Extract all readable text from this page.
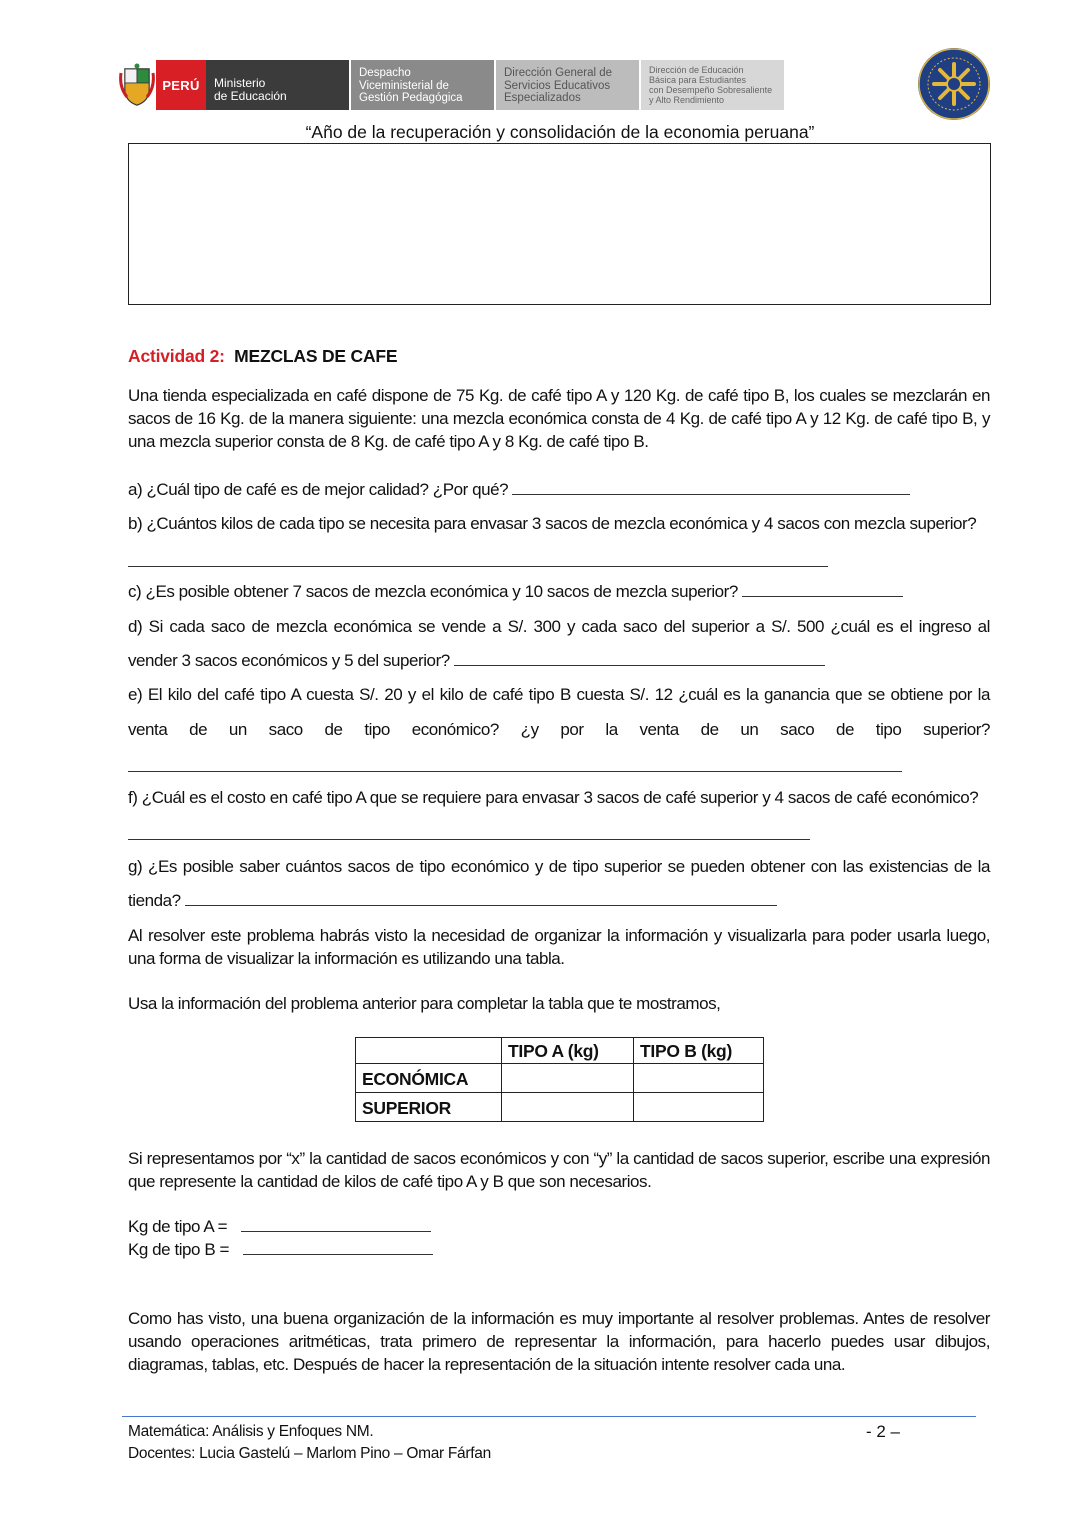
PERÚ	Ministerio
de Educación
Despacho
Viceministerial de
Gestión Pedagógica
Dirección General de
Servicios Educativos
Especializados
Dirección de Educación
Básica para Estudiantes
con Desempeño Sobresaliente
y Alto Rendimiento
“Año de la recuperación y consolidación de la economia peruana”
Actividad 2: MEZCLAS DE CAFE
Una tienda especializada en café dispone de 75 Kg. de café tipo A y 120 Kg. de café tipo B, los cuales se mezclarán en sacos de 16 Kg. de la manera siguiente: una mezcla económica consta de 4 Kg. de café tipo A y 12 Kg. de café tipo B, y una mezcla superior consta de 8 Kg. de café tipo A y 8 Kg. de café tipo B.
a) ¿Cuál tipo de café es de mejor calidad? ¿Por qué?
b) ¿Cuántos kilos de cada tipo se necesita para envasar 3 sacos de mezcla económica y 4 sacos con mezcla superior?
c) ¿Es posible obtener 7 sacos de mezcla económica y 10 sacos de mezcla superior?
d) Si cada saco de mezcla económica se vende a S/. 300 y cada saco del superior a S/. 500 ¿cuál es el ingreso al
vender 3 sacos económicos y 5 del superior?
e) El kilo del café tipo A cuesta S/. 20 y el kilo de café tipo B cuesta S/. 12 ¿cuál es la ganancia que se obtiene por la
venta de un saco de tipo económico? ¿y por la venta de un saco de tipo superior?
f) ¿Cuál es el costo en café tipo A que se requiere para envasar 3 sacos de café superior y 4 sacos de café económico?
g) ¿Es posible saber cuántos sacos de tipo económico y de tipo superior se pueden obtener con las existencias de la
tienda?
Al resolver este problema habrás visto la necesidad de organizar la información y visualizarla para poder usarla luego, una forma de visualizar la información es utilizando una tabla.
Usa la información del problema anterior para completar la tabla que te mostramos,
	TIPO A (kg)	TIPO B (kg)
ECONÓMICA		
SUPERIOR		
Si representamos por “x” la cantidad de sacos económicos y con “y” la cantidad de sacos superior, escribe una expresión que represente la cantidad de kilos de café tipo A y B que son necesarios.
Kg de tipo A =
Kg de tipo B =
Como has visto, una buena organización de la información es muy importante al resolver problemas. Antes de resolver usando operaciones aritméticas, trata primero de representar la información, para hacerlo puedes usar dibujos, diagramas, tablas, etc. Después de hacer la representación de la situación intente resolver cada una.
Matemática: Análisis y Enfoques NM.
Docentes: Lucia Gastelú – Marlom Pino – Omar Fárfan
- 2 –
